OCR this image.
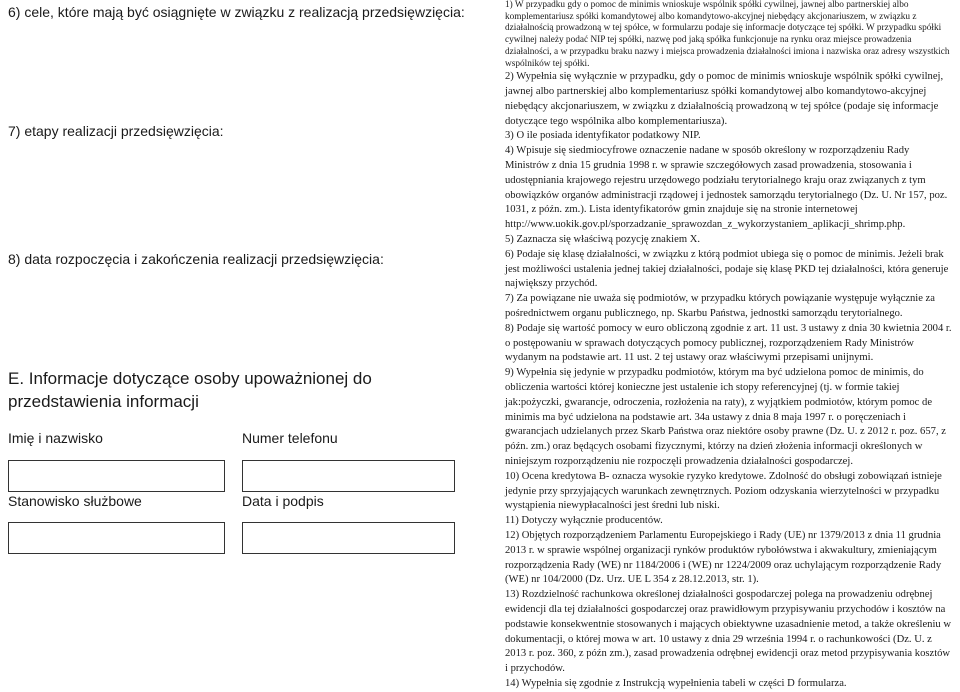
6) cele, które mają być osiągnięte w związku z realizacją przedsięwzięcia:
7) etapy realizacji przedsięwzięcia:
8) data rozpoczęcia i zakończenia realizacji przedsięwzięcia:
E. Informacje dotyczące osoby upoważnionej do przedstawienia informacji
Imię i nazwisko	Numer telefonu
Stanowisko służbowe	Data i podpis

1) W przypadku gdy o pomoc de minimis wnioskuje wspólnik spółki cywilnej, jawnej albo partnerskiej albo komplementariusz spółki komandytowej albo komandytowo-akcyjnej niebędący akcjonariuszem, w związku z działalnością prowadzoną w tej spółce, w formularzu podaje się informacje dotyczące tej spółki. W przypadku spółki cywilnej należy podać NIP tej spółki, nazwę pod jaką spółka funkcjonuje na rynku oraz miejsce prowadzenia działalności, a w przypadku braku nazwy i miejsca prowadzenia działalności imiona i nazwiska oraz adresy wszystkich wspólników tej spółki.

2) Wypełnia się wyłącznie w przypadku, gdy o pomoc de minimis wnioskuje wspólnik spółki cywilnej, jawnej albo partnerskiej albo komplementariusz spółki komandytowej albo komandytowo-akcyjnej niebędący akcjonariuszem, w związku z działalnością prowadzoną w tej spółce (podaje się informacje dotyczące tego wspólnika albo komplementariusza).

3) O ile posiada identyfikator podatkowy NIP.

4) Wpisuje się siedmiocyfrowe oznaczenie nadane w sposób określony w rozporządzeniu Rady Ministrów z dnia 15 grudnia 1998 r. w sprawie szczegółowych zasad prowadzenia, stosowania i udostępniania krajowego rejestru urzędowego podziału terytorialnego kraju oraz związanych z tym obowiązków organów administracji rządowej i jednostek samorządu terytorialnego (Dz. U. Nr 157, poz. 1031, z późn. zm.). Lista identyfikatorów gmin znajduje się na stronie internetowej http://www.uokik.gov.pl/sporzadzanie_sprawozdan_z_wykorzystaniem_aplikacji_shrimp.php.

5) Zaznacza się właściwą pozycję znakiem X.

6) Podaje się klasę działalności, w związku z którą podmiot ubiega się o pomoc de minimis. Jeżeli brak jest możliwości ustalenia jednej takiej działalności, podaje się klasę PKD tej działalności, która generuje największy przychód.

7) Za powiązane nie uważa się podmiotów, w przypadku których powiązanie występuje wyłącznie za pośrednictwem organu publicznego, np. Skarbu Państwa, jednostki samorządu terytorialnego.

8) Podaje się wartość pomocy w euro obliczoną zgodnie z art. 11 ust. 3 ustawy z dnia 30 kwietnia 2004 r. o postępowaniu w sprawach dotyczących pomocy publicznej, rozporządzeniem Rady Ministrów wydanym na podstawie art. 11 ust. 2 tej ustawy oraz właściwymi przepisami unijnymi.

9) Wypełnia się jedynie w przypadku podmiotów, którym ma być udzielona pomoc de minimis, do obliczenia wartości której konieczne jest ustalenie ich stopy referencyjnej (tj. w formie takiej jak:pożyczki, gwarancje, odroczenia, rozłożenia na raty), z wyjątkiem podmiotów, którym pomoc de minimis ma być udzielona na podstawie art. 34a ustawy z dnia 8 maja 1997 r. o poręczeniach i gwarancjach udzielanych przez Skarb Państwa oraz niektóre osoby prawne (Dz. U. z 2012 r. poz. 657, z późn. zm.) oraz będących osobami fizycznymi, którzy na dzień złożenia informacji określonych w niniejszym rozporządzeniu nie rozpoczęli prowadzenia działalności gospodarczej.

10) Ocena kredytowa B- oznacza wysokie ryzyko kredytowe. Zdolność do obsługi zobowiązań istnieje jedynie przy sprzyjających warunkach zewnętrznych. Poziom odzyskania wierzytelności w przypadku wystąpienia niewypłacalności jest średni lub niski.

11) Dotyczy wyłącznie producentów.

12) Objętych rozporządzeniem Parlamentu Europejskiego i Rady (UE) nr 1379/2013 z dnia 11 grudnia 2013 r. w sprawie wspólnej organizacji rynków produktów rybołówstwa i akwakultury, zmieniającym rozporządzenia Rady (WE) nr 1184/2006 i (WE) nr 1224/2009 oraz uchylającym rozporządzenie Rady (WE) nr 104/2000 (Dz. Urz. UE L 354 z 28.12.2013, str. 1).

13) Rozdzielność rachunkowa określonej działalności gospodarczej polega na prowadzeniu odrębnej ewidencji dla tej działalności gospodarczej oraz prawidłowym przypisywaniu przychodów i kosztów na podstawie konsekwentnie stosowanych i mających obiektywne uzasadnienie metod, a także określeniu w dokumentacji, o której mowa w art. 10 ustawy z dnia 29 września 1994 r. o rachunkowości (Dz. U. z 2013 r. poz. 360, z późn zm.), zasad prowadzenia odrębnej ewidencji oraz metod przypisywania kosztów i przychodów.

14) Wypełnia się zgodnie z Instrukcją wypełnienia tabeli w części D formularza.
